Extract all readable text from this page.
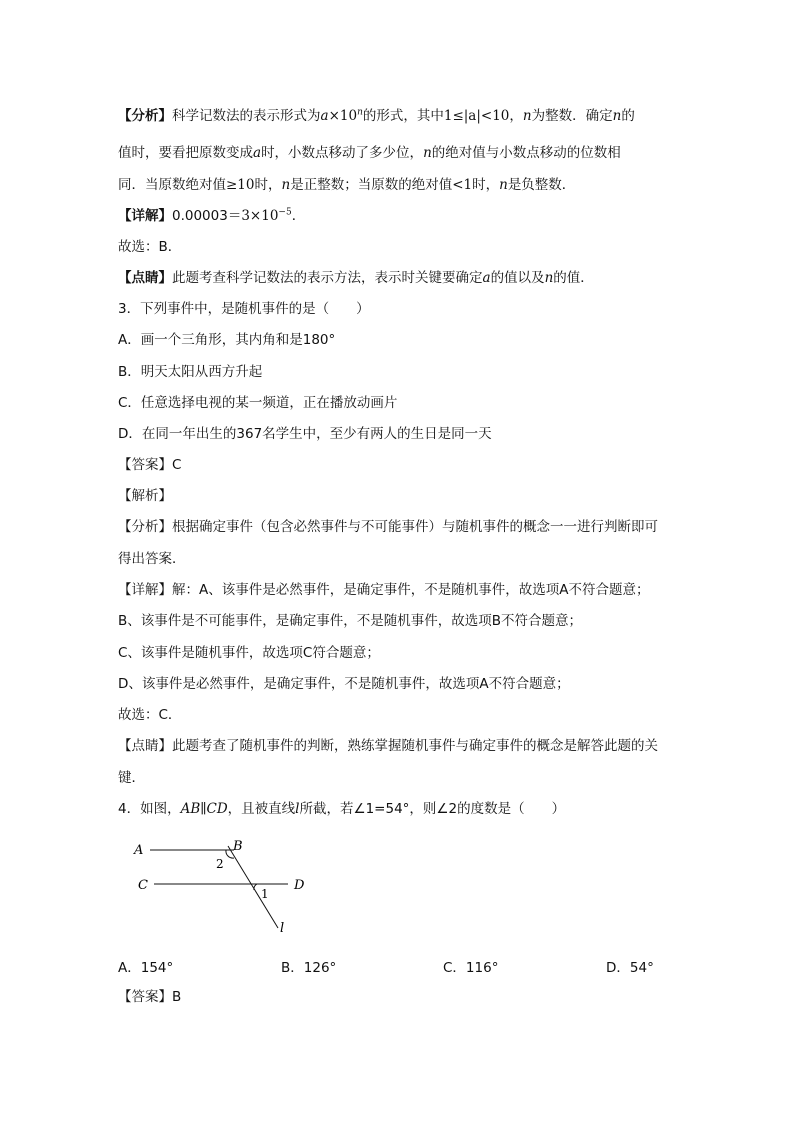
【分析】科学记数法的表示形式为$a\times 10^n$的形式，其中1≤|a|<10，n为整数．确定n的
值时，要看把原数变成a时，小数点移动了多少位，n的绝对值与小数点移动的位数相
同．当原数绝对值≥10时，n是正整数；当原数的绝对值<1时，n是负整数．
【详解】$0.00003=3\times 10^{-5}$．
故选：B．
【点睛】此题考查科学记数法的表示方法，表示时关键要确定a的值以及n的值．
3．下列事件中，是随机事件的是（　　）
A．画一个三角形，其内角和是180°
B．明天太阳从西方升起
C．任意选择电视的某一频道，正在播放动画片
D．在同一年出生的367名学生中，至少有两人的生日是同一天
【答案】C
【解析】
【分析】根据确定事件（包含必然事件与不可能事件）与随机事件的概念一一进行判断即可
得出答案．
【详解】解：A、该事件是必然事件，是确定事件，不是随机事件，故选项A不符合题意；
B、该事件是不可能事件，是确定事件，不是随机事件，故选项B不符合题意；
C、该事件是随机事件，故选项C符合题意；
D、该事件是必然事件，是确定事件，不是随机事件，故选项A不符合题意；
故选：C．
【点睛】此题考查了随机事件的判断，熟练掌握随机事件与确定事件的概念是解答此题的关
键．
4．如图，AB∥CD，且被直线l所截，若∠1=54°，则∠2的度数是（　　）
A	B
C	D
l
1
2
A．154°	B．126°	C．116°	D．54°
【答案】B
